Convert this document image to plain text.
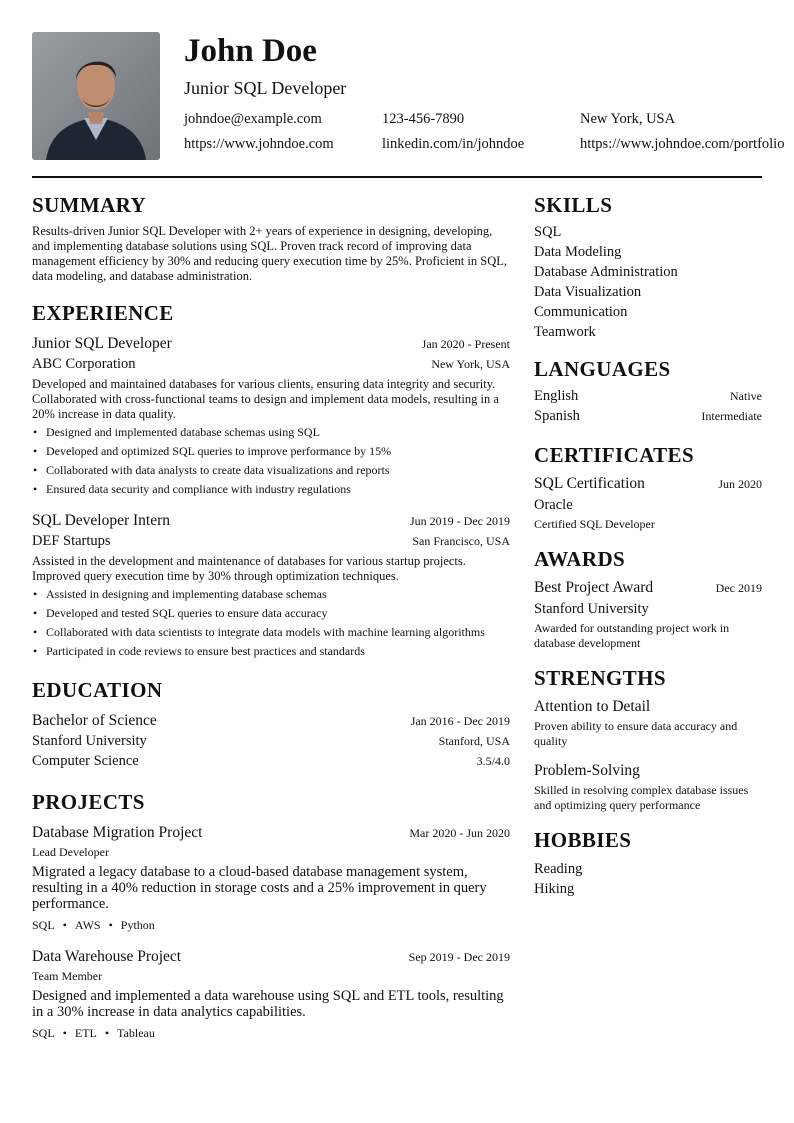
John Doe
Junior SQL Developer
johndoe@example.com	123-456-7890	New York, USA
https://www.johndoe.com	linkedin.com/in/johndoe	https://www.johndoe.com/portfolio
SUMMARY
Results-driven Junior SQL Developer with 2+ years of experience in designing, developing, and implementing database solutions using SQL. Proven track record of improving data management efficiency by 30% and reducing query execution time by 25%. Proficient in SQL, data modeling, and database administration.
EXPERIENCE
Junior SQL Developer	Jan 2020 - Present
ABC Corporation	New York, USA
Developed and maintained databases for various clients, ensuring data integrity and security. Collaborated with cross-functional teams to design and implement data models, resulting in a 20% increase in data quality.
• Designed and implemented database schemas using SQL
• Developed and optimized SQL queries to improve performance by 15%
• Collaborated with data analysts to create data visualizations and reports
• Ensured data security and compliance with industry regulations
SQL Developer Intern	Jun 2019 - Dec 2019
DEF Startups	San Francisco, USA
Assisted in the development and maintenance of databases for various startup projects. Improved query execution time by 30% through optimization techniques.
• Assisted in designing and implementing database schemas
• Developed and tested SQL queries to ensure data accuracy
• Collaborated with data scientists to integrate data models with machine learning algorithms
• Participated in code reviews to ensure best practices and standards
EDUCATION
Bachelor of Science	Jan 2016 - Dec 2019
Stanford University	Stanford, USA
Computer Science	3.5/4.0
PROJECTS
Database Migration Project	Mar 2020 - Jun 2020
Lead Developer
Migrated a legacy database to a cloud-based database management system, resulting in a 40% reduction in storage costs and a 25% improvement in query performance.
SQL • AWS • Python
Data Warehouse Project	Sep 2019 - Dec 2019
Team Member
Designed and implemented a data warehouse using SQL and ETL tools, resulting in a 30% increase in data analytics capabilities.
SQL • ETL • Tableau
SKILLS
SQL
Data Modeling
Database Administration
Data Visualization
Communication
Teamwork
LANGUAGES
English	Native
Spanish	Intermediate
CERTIFICATES
SQL Certification	Jun 2020
Oracle
Certified SQL Developer
AWARDS
Best Project Award	Dec 2019
Stanford University
Awarded for outstanding project work in database development
STRENGTHS
Attention to Detail
Proven ability to ensure data accuracy and quality
Problem-Solving
Skilled in resolving complex database issues and optimizing query performance
HOBBIES
Reading
Hiking
